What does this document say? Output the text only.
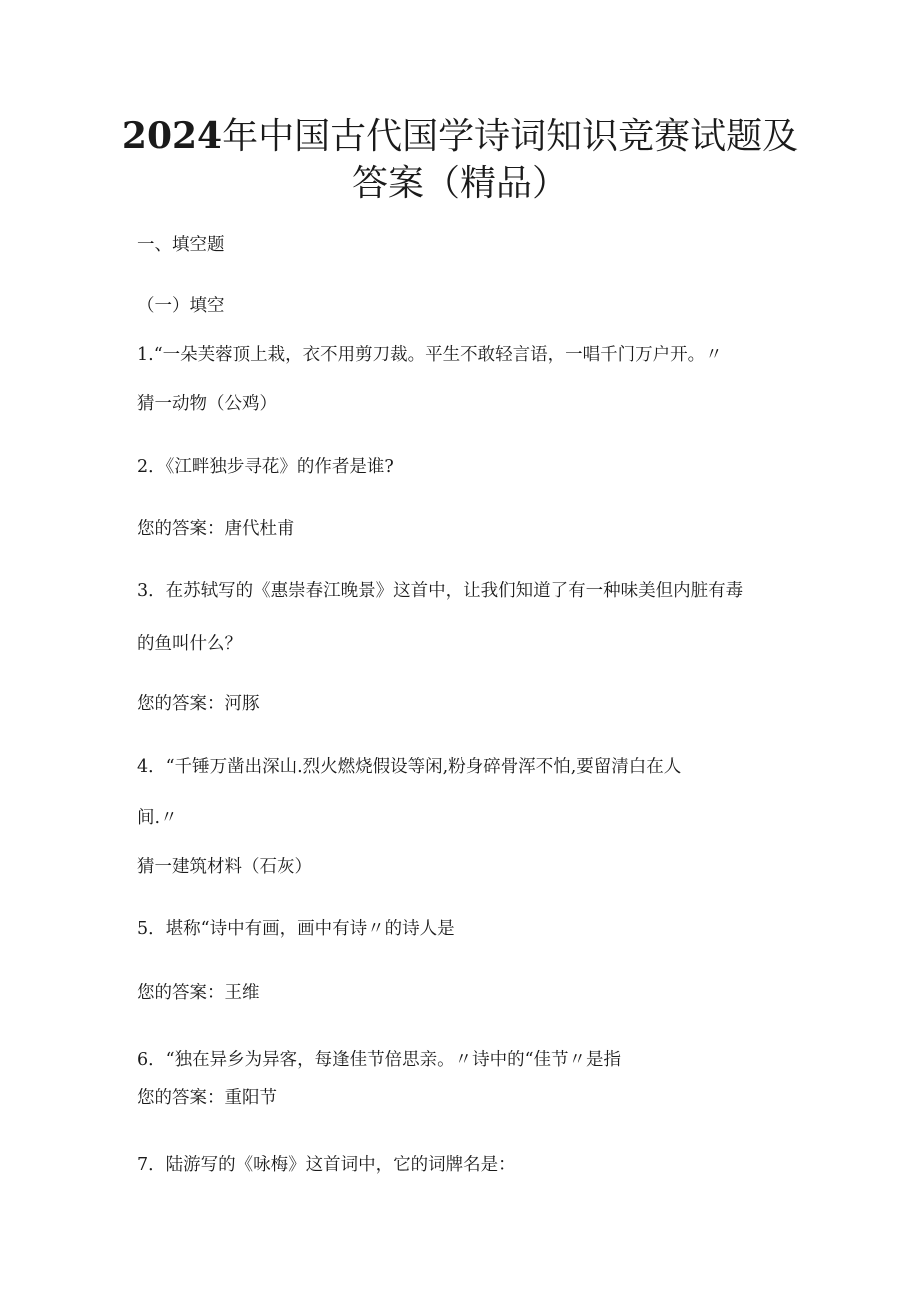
2024年中国古代国学诗词知识竞赛试题及
答案（精品）
一、填空题
（一）填空
1.“一朵芙蓉顶上栽，衣不用剪刀裁。平生不敢轻言语，一唱千门万户开。〃
猜一动物（公鸡）
2．《江畔独步寻花》的作者是谁?
您的答案：唐代杜甫
3．在苏轼写的《惠崇春江晚景》这首中，让我们知道了有一种味美但内脏有毒
的鱼叫什么？
您的答案：河豚
4．“千锤万凿出深山.烈火燃烧假设等闲,粉身碎骨浑不怕,要留清白在人
间.〃
猜一建筑材料（石灰）
5．堪称“诗中有画，画中有诗〃的诗人是
您的答案：王维
6．“独在异乡为异客，每逢佳节倍思亲。〃诗中的“佳节〃是指
您的答案：重阳节
7．陆游写的《咏梅》这首词中，它的词牌名是：
